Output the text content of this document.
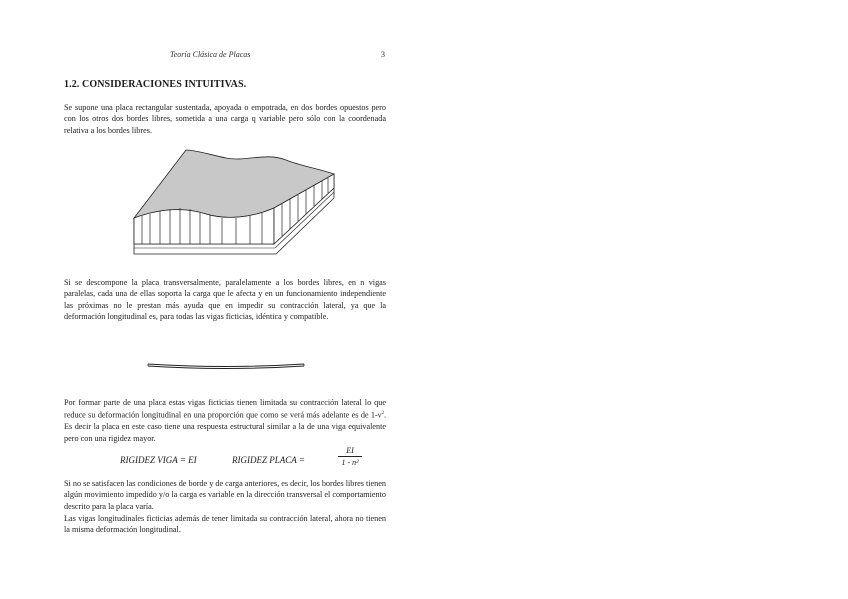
Teoría Clásica de Placas	3
1.2. CONSIDERACIONES INTUITIVAS.
Se supone una placa rectangular sustentada, apoyada o empotrada, en dos bordes opuestos pero con los otros dos bordes libres, sometida a una carga q variable pero sólo con la coordenada relativa a los bordes libres.
Si se descompone la placa transversalmente, paralelamente a los bordes libres, en n vigas paralelas, cada una de ellas soporta la carga que le afecta y en un funcionamiento independiente las próximas no le prestan más ayuda que en impedir su contracción lateral, ya que la deformación longitudinal es, para todas las vigas ficticias, idéntica y compatible.
Por formar parte de una placa estas vigas ficticias tienen limitada su contracción lateral lo que reduce su deformación longitudinal en una proporción que como se verá más adelante es de $1-\nu^2$. Es decir la placa en este caso tiene una respuesta estructural similar a la de una viga equivalente pero con una rigidez mayor.
RIGIDEZ VIGA = EI	RIGIDEZ PLACA =
EI
1 - n²
Si no se satisfacen las condiciones de borde y de carga anteriores, es decir, los bordes libres tienen algún movimiento impedido y/o la carga es variable en la dirección transversal el comportamiento descrito para la placa varía.
Las vigas longitudinales ficticias además de tener limitada su contracción lateral, ahora no tienen la misma deformación longitudinal.
